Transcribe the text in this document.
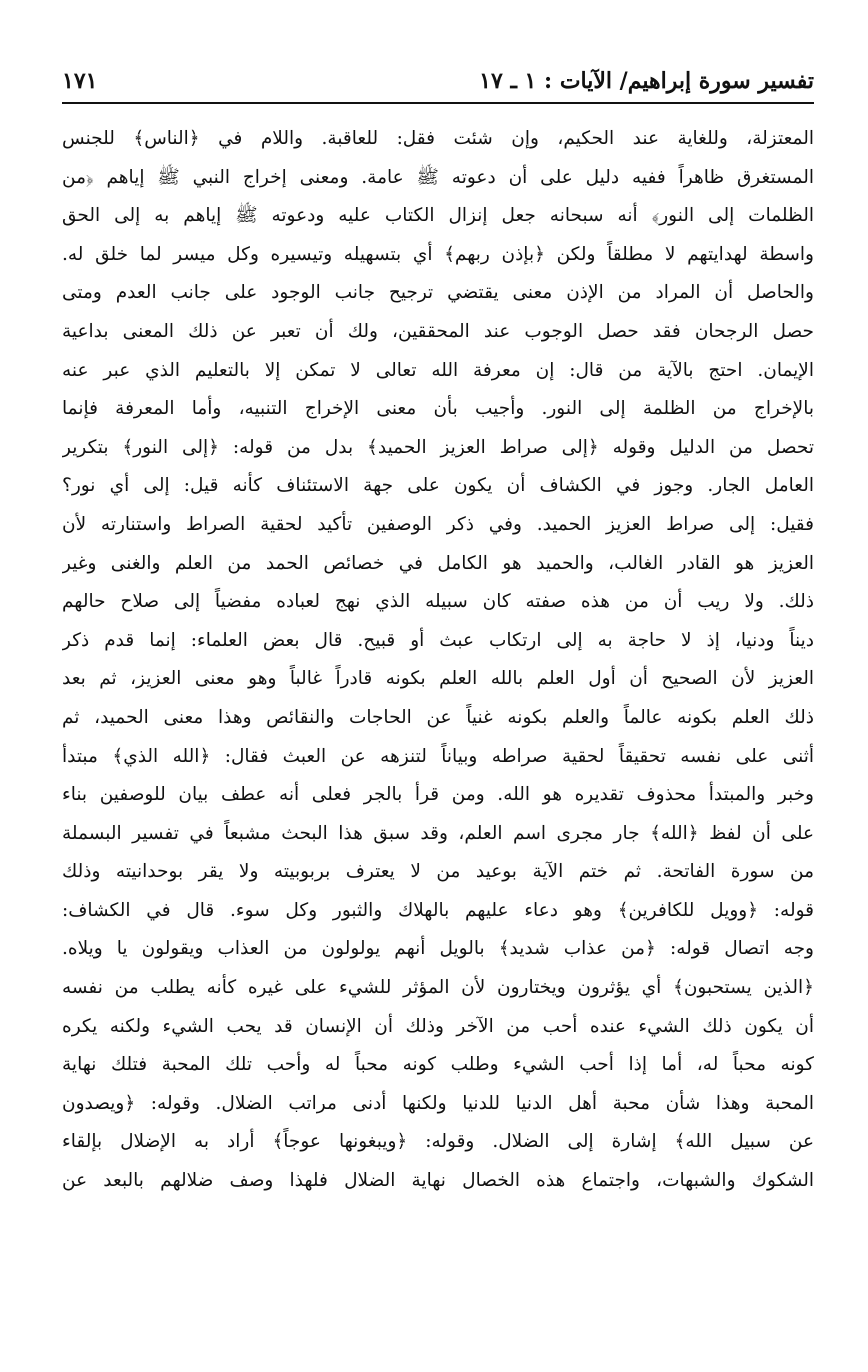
تفسير سورة إبراهيم/ الآيات : ١ ـ ١٧
١٧١
المعتزلة، وللغاية عند الحكيم، وإن شئت فقل: للعاقبة. واللام في ﴿الناس﴾ للجنس
المستغرق ظاهراً ففيه دليل على أن دعوته ﷺ عامة. ومعنى إخراج النبي ﷺ إياهم ﴿من
الظلمات إلى النور﴾ أنه سبحانه جعل إنزال الكتاب عليه ودعوته ﷺ إياهم به إلى الحق
واسطة لهدايتهم لا مطلقاً ولكن ﴿بإذن ربهم﴾ أي بتسهيله وتيسيره وكل ميسر لما خلق له.
والحاصل أن المراد من الإذن معنى يقتضي ترجيح جانب الوجود على جانب العدم ومتى
حصل الرجحان فقد حصل الوجوب عند المحققين، ولك أن تعبر عن ذلك المعنى بداعية
الإيمان. احتج بالآية من قال: إن معرفة الله تعالى لا تمكن إلا بالتعليم الذي عبر عنه
بالإخراج من الظلمة إلى النور. وأجيب بأن معنى الإخراج التنبيه، وأما المعرفة فإنما
تحصل من الدليل وقوله ﴿إلى صراط العزيز الحميد﴾ بدل من قوله: ﴿إلى النور﴾ بتكرير
العامل الجار. وجوز في الكشاف أن يكون على جهة الاستئناف كأنه قيل: إلى أي نور؟
فقيل: إلى صراط العزيز الحميد. وفي ذكر الوصفين تأكيد لحقية الصراط واستنارته لأن
العزيز هو القادر الغالب، والحميد هو الكامل في خصائص الحمد من العلم والغنى وغير
ذلك. ولا ريب أن من هذه صفته كان سبيله الذي نهج لعباده مفضياً إلى صلاح حالهم
ديناً ودنيا، إذ لا حاجة به إلى ارتكاب عبث أو قبيح. قال بعض العلماء: إنما قدم ذكر
العزيز لأن الصحيح أن أول العلم بالله العلم بكونه قادراً غالباً وهو معنى العزيز، ثم بعد
ذلك العلم بكونه عالماً والعلم بكونه غنياً عن الحاجات والنقائص وهذا معنى الحميد، ثم
أثنى على نفسه تحقيقاً لحقية صراطه وبياناً لتنزهه عن العبث فقال: ﴿الله الذي﴾ مبتدأ
وخبر والمبتدأ محذوف تقديره هو الله. ومن قرأ بالجر فعلى أنه عطف بيان للوصفين بناء
على أن لفظ ﴿الله﴾ جار مجرى اسم العلم، وقد سبق هذا البحث مشبعاً في تفسير البسملة
من سورة الفاتحة. ثم ختم الآية بوعيد من لا يعترف بربوبيته ولا يقر بوحدانيته وذلك
قوله: ﴿وويل للكافرين﴾ وهو دعاء عليهم بالهلاك والثبور وكل سوء. قال في الكشاف:
وجه اتصال قوله: ﴿من عذاب شديد﴾ بالويل أنهم يولولون من العذاب ويقولون يا ويلاه.
﴿الذين يستحبون﴾ أي يؤثرون ويختارون لأن المؤثر للشيء على غيره كأنه يطلب من نفسه
أن يكون ذلك الشيء عنده أحب من الآخر وذلك أن الإنسان قد يحب الشيء ولكنه يكره
كونه محباً له، أما إذا أحب الشيء وطلب كونه محباً له وأحب تلك المحبة فتلك نهاية
المحبة وهذا شأن محبة أهل الدنيا للدنيا ولكنها أدنى مراتب الضلال. وقوله: ﴿ويصدون
عن سبيل الله﴾ إشارة إلى الضلال. وقوله: ﴿ويبغونها عوجاً﴾ أراد به الإضلال بإلقاء
الشكوك والشبهات، واجتماع هذه الخصال نهاية الضلال فلهذا وصف ضلالهم بالبعد عن
